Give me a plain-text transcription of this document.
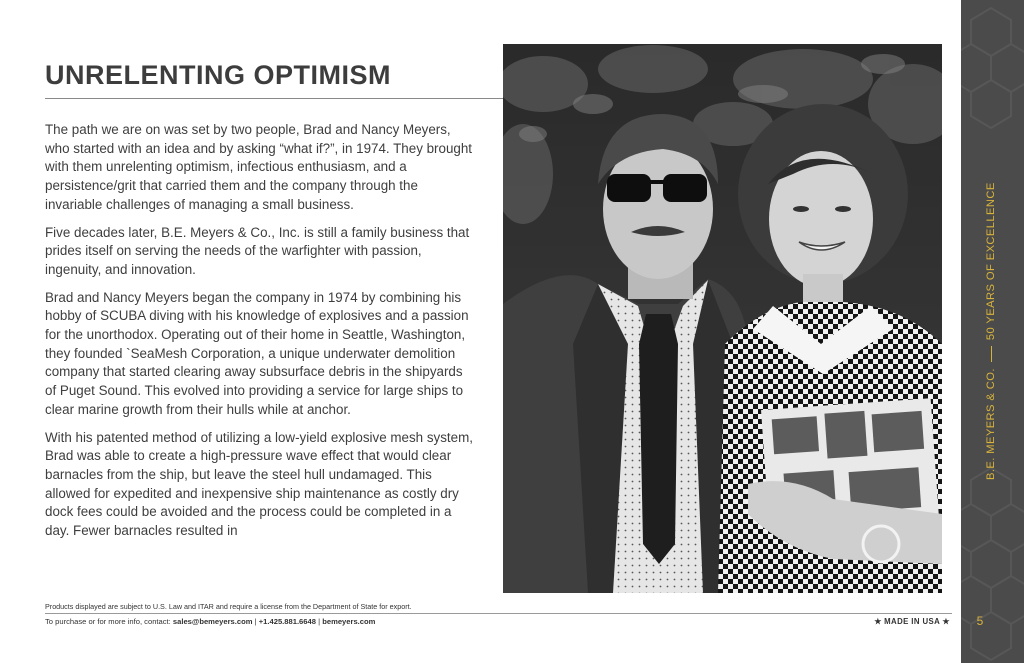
UNRELENTING OPTIMISM

The path we are on was set by two people, Brad and Nancy Meyers, who started with an idea and by asking “what if?”, in 1974. They brought with them unrelenting optimism, infectious enthusiasm, and a persistence/grit that carried them and the company through the invariable challenges of managing a small business.

Five decades later, B.E. Meyers & Co., Inc. is still a family business that prides itself on serving the needs of the warfighter with passion, ingenuity, and innovation.

Brad and Nancy Meyers began the company in 1974 by combining his hobby of SCUBA diving with his knowledge of explosives and a passion for the unorthodox. Operating out of their home in Seattle, Washington, they founded `SeaMesh Corporation, a unique underwater demolition company that started clearing away subsurface debris in the shipyards of Puget Sound. This evolved into providing a service for large ships to clear marine growth from their hulls while at anchor.

With his patented method of utilizing a low-yield explosive mesh system, Brad was able to create a high-pressure wave effect that would clear barnacles from the ship, but leave the steel hull undamaged. This allowed for expedited and inexpensive ship maintenance as costly dry dock fees could be avoided and the process could be completed in a day. Fewer barnacles resulted in

Products displayed are subject to U.S. Law and ITAR and require a license from the Department of State for export.
To purchase or for more info, contact: sales@bemeyers.com | +1.425.881.6648 | bemeyers.com	★ MADE IN USA ★
B.E. MEYERS & CO.50 YEARS OF EXCELLENCE
5
